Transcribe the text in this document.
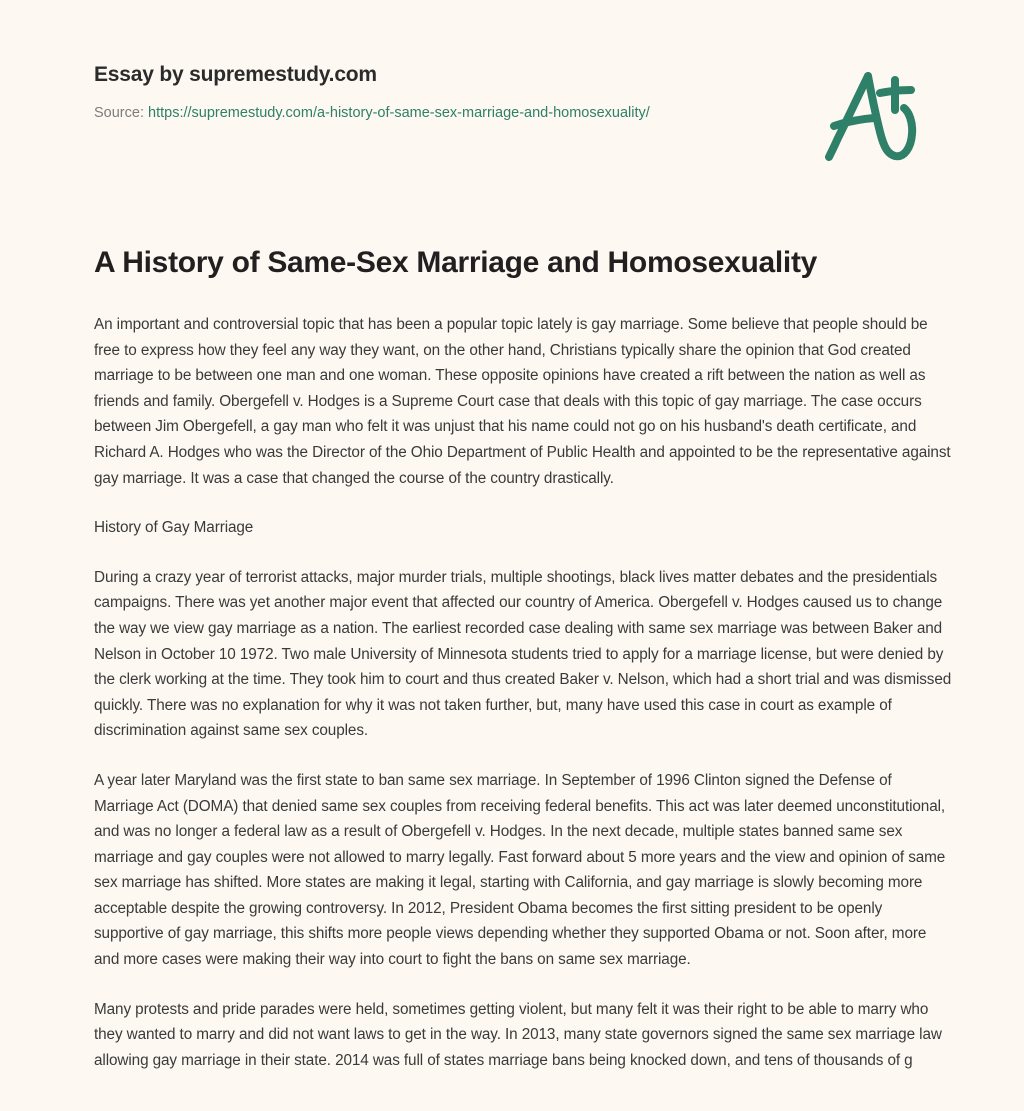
Essay by supremestudy.com
Source: https://supremestudy.com/a-history-of-same-sex-marriage-and-homosexuality/
A History of Same-Sex Marriage and Homosexuality

An important and controversial topic that has been a popular topic lately is gay marriage. Some believe that people should be free to express how they feel any way they want, on the other hand, Christians typically share the opinion that God created marriage to be between one man and one woman. These opposite opinions have created a rift between the nation as well as friends and family. Obergefell v. Hodges is a Supreme Court case that deals with this topic of gay marriage. The case occurs between Jim Obergefell, a gay man who felt it was unjust that his name could not go on his husband's death certificate, and Richard A. Hodges who was the Director of the Ohio Department of Public Health and appointed to be the representative against gay marriage. It was a case that changed the course of the country drastically.

History of Gay Marriage

During a crazy year of terrorist attacks, major murder trials, multiple shootings, black lives matter debates and the presidentials campaigns. There was yet another major event that affected our country of America. Obergefell v. Hodges caused us to change the way we view gay marriage as a nation. The earliest recorded case dealing with same sex marriage was between Baker and Nelson in October 10 1972. Two male University of Minnesota students tried to apply for a marriage license, but were denied by the clerk working at the time. They took him to court and thus created Baker v. Nelson, which had a short trial and was dismissed quickly. There was no explanation for why it was not taken further, but, many have used this case in court as example of discrimination against same sex couples.

A year later Maryland was the first state to ban same sex marriage. In September of 1996 Clinton signed the Defense of Marriage Act (DOMA) that denied same sex couples from receiving federal benefits. This act was later deemed unconstitutional, and was no longer a federal law as a result of Obergefell v. Hodges. In the next decade, multiple states banned same sex marriage and gay couples were not allowed to marry legally. Fast forward about 5 more years and the view and opinion of same sex marriage has shifted. More states are making it legal, starting with California, and gay marriage is slowly becoming more acceptable despite the growing controversy. In 2012, President Obama becomes the first sitting president to be openly supportive of gay marriage, this shifts more people views depending whether they supported Obama or not. Soon after, more and more cases were making their way into court to fight the bans on same sex marriage.

Many protests and pride parades were held, sometimes getting violent, but many felt it was their right to be able to marry who they wanted to marry and did not want laws to get in the way. In 2013, many state governors signed the same sex marriage law allowing gay marriage in their state. 2014 was full of states marriage bans being knocked down, and tens of thousands of g
